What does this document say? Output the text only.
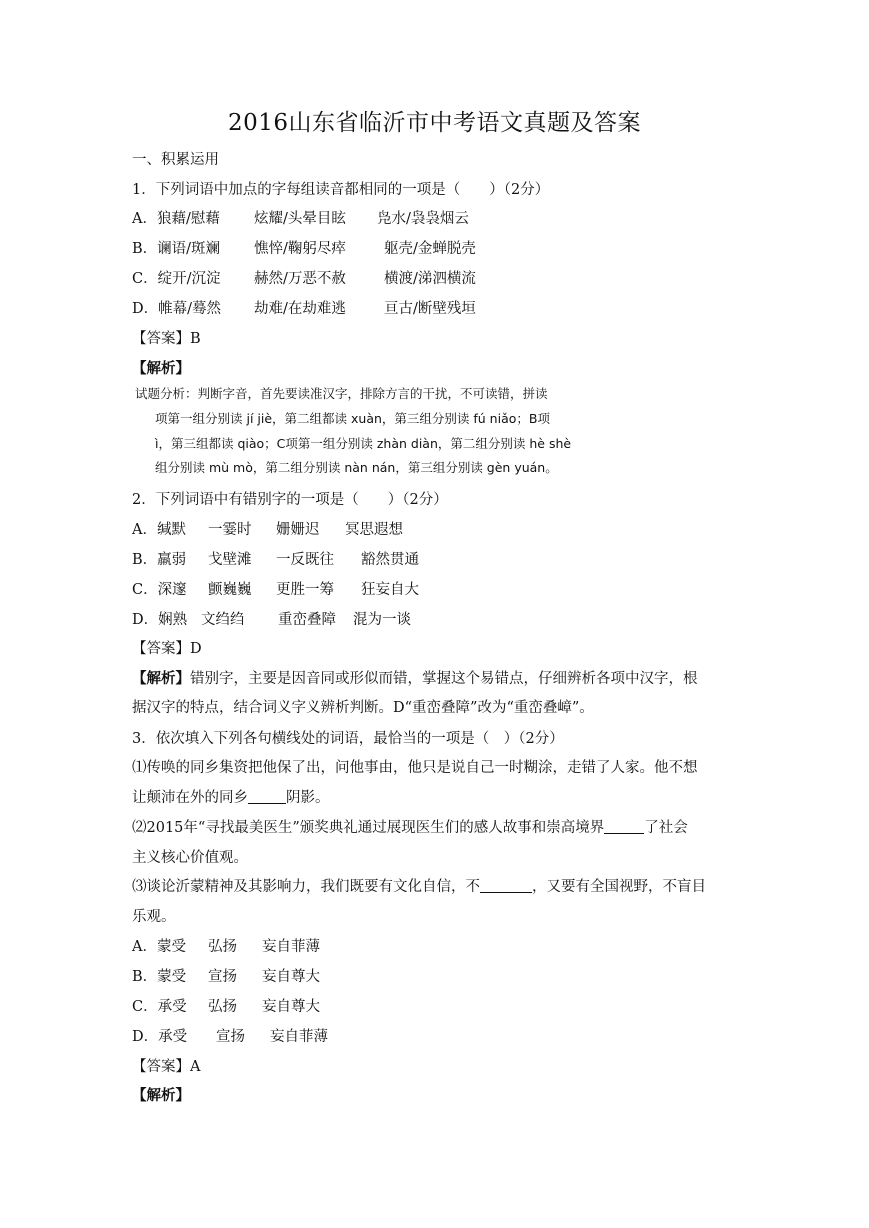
2016山东省临沂市中考语文真题及答案
一、积累运用
1．下列词语中加点的字每组读音都相同的一项是（　　）（2分）
A．狼藉/慰藉 炫耀/头晕目眩 凫水/袅袅烟云
B．谰语/斑斓 憔悴/鞠躬尽瘁	躯壳/金蝉脱壳
C．绽开/沉淀 赫然/万恶不赦	横渡/涕泗横流
D．帷幕/蓦然 劫难/在劫难逃	亘古/断壁残垣
【答案】B
【解析】
试题分析：判断字音，首先要读准汉字，排除方言的干扰，不可读错，拼读
项第一组分别读 jí jiè，第二组都读 xuàn，第三组分别读 fú niǎo；B项
ì，第三组都读 qiào；C项第一组分别读 zhàn diàn，第二组分别读 hè shè
组分别读 mù mò，第二组分别读 nàn nán，第三组分别读 gèn yuán。
2．下列词语中有错别字的一项是（　　）（2分）
A．缄默 一霎时 姗姗迟 冥思遐想
B．羸弱 戈壁滩 一反既往 豁然贯通
C．深邃 颤巍巍 更胜一筹 狂妄自大
D．娴熟 文绉绉 重峦叠障 混为一谈
【答案】D
【解析】错别字，主要是因音同或形似而错，掌握这个易错点，仔细辨析各项中汉字，根
据汉字的特点，结合词义字义辨析判断。D“重峦叠障”改为“重峦叠嶂”。
3．依次填入下列各句横线处的词语，最恰当的一项是（　）（2分）
⑴传唤的同乡集资把他保了出，问他事由，他只是说自己一时糊涂，走错了人家。他不想
让颠沛在外的同乡	阴影。
⑵2015年“寻找最美医生”颁奖典礼通过展现医生们的感人故事和崇高境界	了社会
主义核心价值观。
⑶谈论沂蒙精神及其影响力，我们既要有文化自信，不	，又要有全国视野，不盲目
乐观。
A．蒙受 弘扬 妄自菲薄
B．蒙受 宣扬 妄自尊大
C．承受 弘扬 妄自尊大
D．承受 宣扬 妄自菲薄
【答案】A
【解析】
